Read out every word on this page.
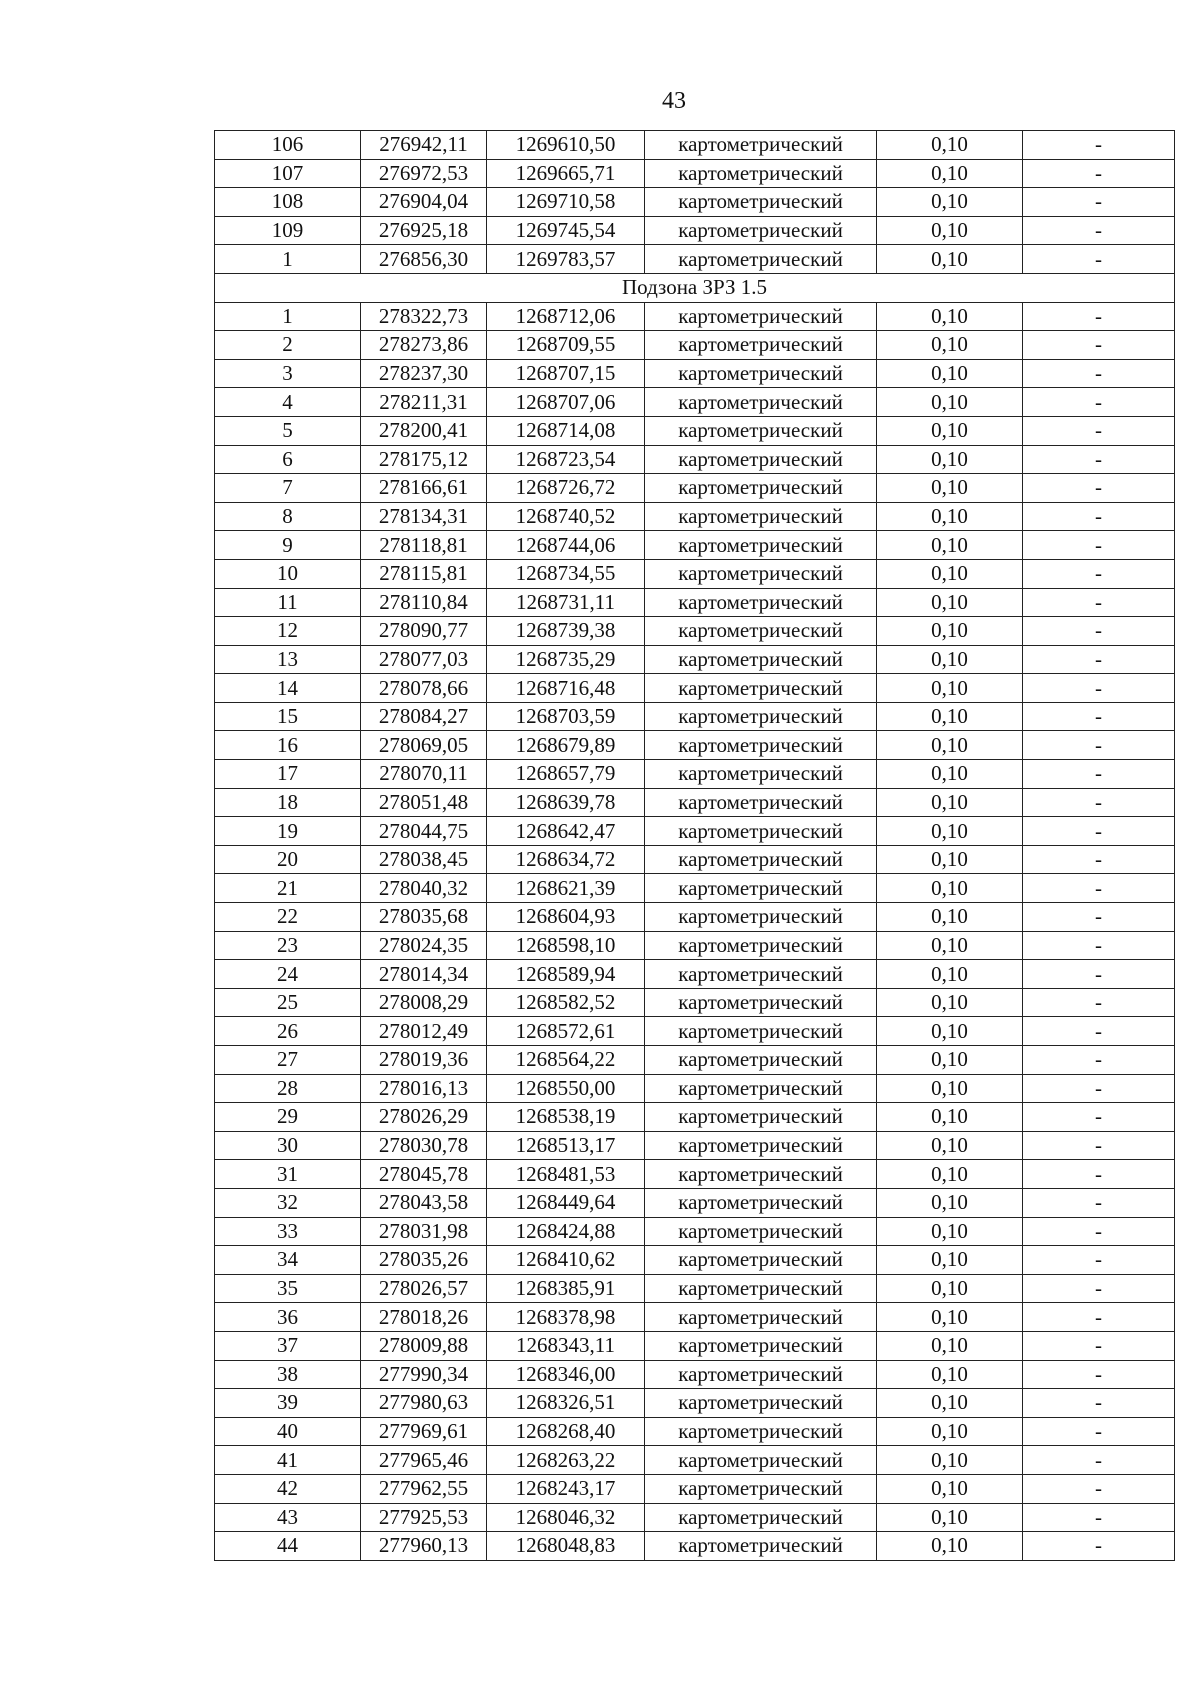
43
106	276942,11	1269610,50	картометрический	0,10	-
107	276972,53	1269665,71	картометрический	0,10	-
108	276904,04	1269710,58	картометрический	0,10	-
109	276925,18	1269745,54	картометрический	0,10	-
1	276856,30	1269783,57	картометрический	0,10	-
Подзона ЗРЗ 1.5					
1	278322,73	1268712,06	картометрический	0,10	-
2	278273,86	1268709,55	картометрический	0,10	-
3	278237,30	1268707,15	картометрический	0,10	-
4	278211,31	1268707,06	картометрический	0,10	-
5	278200,41	1268714,08	картометрический	0,10	-
6	278175,12	1268723,54	картометрический	0,10	-
7	278166,61	1268726,72	картометрический	0,10	-
8	278134,31	1268740,52	картометрический	0,10	-
9	278118,81	1268744,06	картометрический	0,10	-
10	278115,81	1268734,55	картометрический	0,10	-
11	278110,84	1268731,11	картометрический	0,10	-
12	278090,77	1268739,38	картометрический	0,10	-
13	278077,03	1268735,29	картометрический	0,10	-
14	278078,66	1268716,48	картометрический	0,10	-
15	278084,27	1268703,59	картометрический	0,10	-
16	278069,05	1268679,89	картометрический	0,10	-
17	278070,11	1268657,79	картометрический	0,10	-
18	278051,48	1268639,78	картометрический	0,10	-
19	278044,75	1268642,47	картометрический	0,10	-
20	278038,45	1268634,72	картометрический	0,10	-
21	278040,32	1268621,39	картометрический	0,10	-
22	278035,68	1268604,93	картометрический	0,10	-
23	278024,35	1268598,10	картометрический	0,10	-
24	278014,34	1268589,94	картометрический	0,10	-
25	278008,29	1268582,52	картометрический	0,10	-
26	278012,49	1268572,61	картометрический	0,10	-
27	278019,36	1268564,22	картометрический	0,10	-
28	278016,13	1268550,00	картометрический	0,10	-
29	278026,29	1268538,19	картометрический	0,10	-
30	278030,78	1268513,17	картометрический	0,10	-
31	278045,78	1268481,53	картометрический	0,10	-
32	278043,58	1268449,64	картометрический	0,10	-
33	278031,98	1268424,88	картометрический	0,10	-
34	278035,26	1268410,62	картометрический	0,10	-
35	278026,57	1268385,91	картометрический	0,10	-
36	278018,26	1268378,98	картометрический	0,10	-
37	278009,88	1268343,11	картометрический	0,10	-
38	277990,34	1268346,00	картометрический	0,10	-
39	277980,63	1268326,51	картометрический	0,10	-
40	277969,61	1268268,40	картометрический	0,10	-
41	277965,46	1268263,22	картометрический	0,10	-
42	277962,55	1268243,17	картометрический	0,10	-
43	277925,53	1268046,32	картометрический	0,10	-
44	277960,13	1268048,83	картометрический	0,10	-
